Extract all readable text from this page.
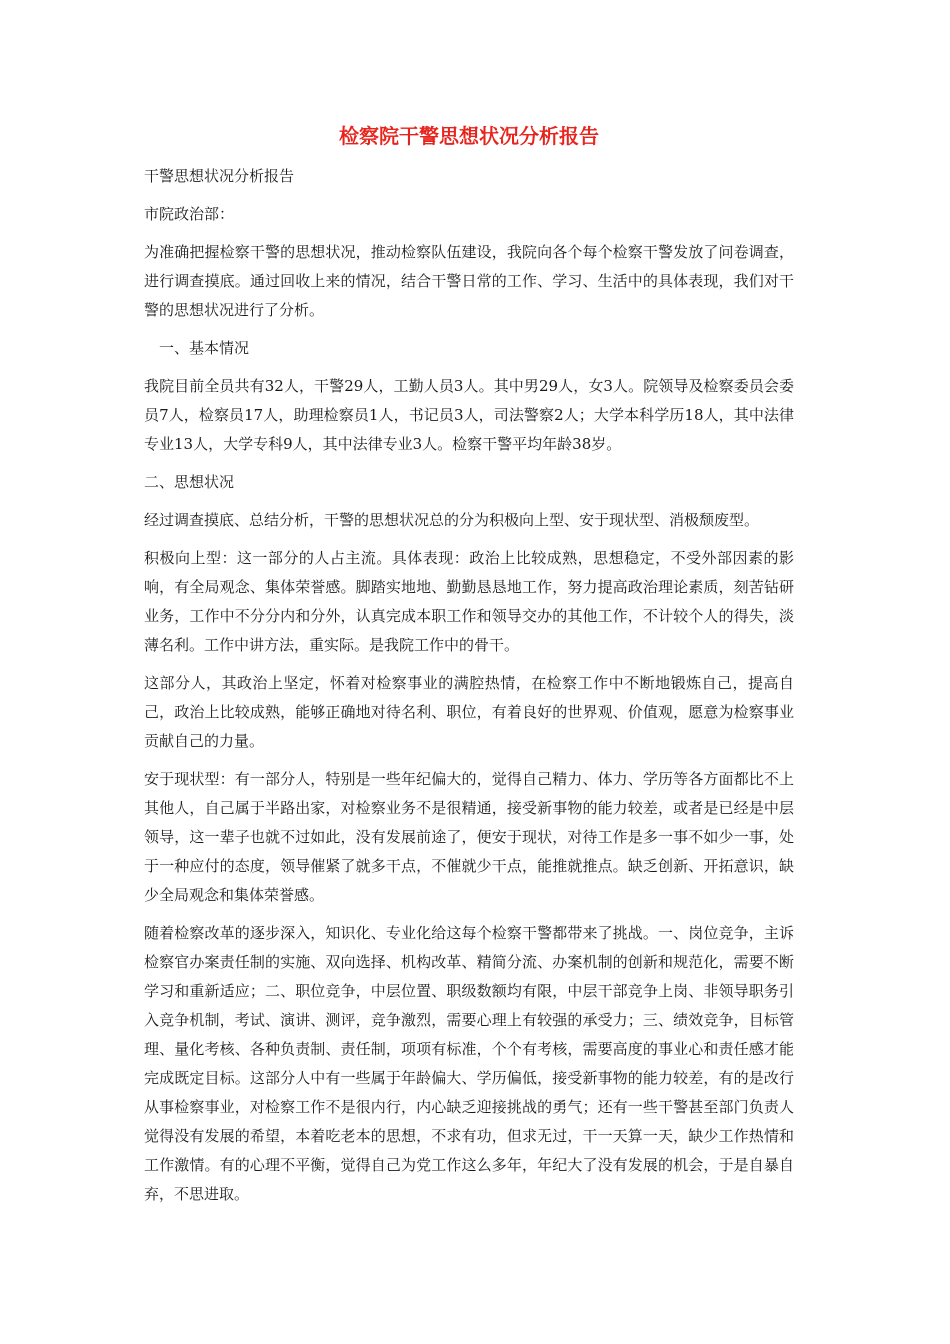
检察院干警思想状况分析报告

干警思想状况分析报告

市院政治部：

为准确把握检察干警的思想状况，推动检察队伍建设，我院向各个每个检察干警发放了问卷调查，进行调查摸底。通过回收上来的情况，结合干警日常的工作、学习、生活中的具体表现，我们对干警的思想状况进行了分析。

一、基本情况

我院目前全员共有32人，干警29人，工勤人员3人。其中男29人，女3人。院领导及检察委员会委员7人，检察员17人，助理检察员1人，书记员3人，司法警察2人；大学本科学历18人，其中法律专业13人，大学专科9人，其中法律专业3人。检察干警平均年龄38岁。

二、思想状况

经过调查摸底、总结分析，干警的思想状况总的分为积极向上型、安于现状型、消极颓废型。

积极向上型：这一部分的人占主流。具体表现：政治上比较成熟，思想稳定，不受外部因素的影响，有全局观念、集体荣誉感。脚踏实地地、勤勤恳恳地工作，努力提高政治理论素质，刻苦钻研业务，工作中不分分内和分外，认真完成本职工作和领导交办的其他工作，不计较个人的得失，淡薄名利。工作中讲方法，重实际。是我院工作中的骨干。

这部分人，其政治上坚定，怀着对检察事业的满腔热情，在检察工作中不断地锻炼自己，提高自己，政治上比较成熟，能够正确地对待名利、职位，有着良好的世界观、价值观，愿意为检察事业贡献自己的力量。

安于现状型：有一部分人，特别是一些年纪偏大的，觉得自己精力、体力、学历等各方面都比不上其他人，自己属于半路出家，对检察业务不是很精通，接受新事物的能力较差，或者是已经是中层领导，这一辈子也就不过如此，没有发展前途了，便安于现状，对待工作是多一事不如少一事，处于一种应付的态度，领导催紧了就多干点，不催就少干点，能推就推点。缺乏创新、开拓意识，缺少全局观念和集体荣誉感。

随着检察改革的逐步深入，知识化、专业化给这每个检察干警都带来了挑战。一、岗位竞争，主诉检察官办案责任制的实施、双向选择、机构改革、精简分流、办案机制的创新和规范化，需要不断学习和重新适应；二、职位竞争，中层位置、职级数额均有限，中层干部竞争上岗、非领导职务引入竞争机制，考试、演讲、测评，竞争激烈，需要心理上有较强的承受力；三、绩效竞争，目标管理、量化考核、各种负责制、责任制，项项有标准，个个有考核，需要高度的事业心和责任感才能完成既定目标。这部分人中有一些属于年龄偏大、学历偏低，接受新事物的能力较差，有的是改行从事检察事业，对检察工作不是很内行，内心缺乏迎接挑战的勇气；还有一些干警甚至部门负责人觉得没有发展的希望，本着吃老本的思想，不求有功，但求无过，干一天算一天，缺少工作热情和工作激情。有的心理不平衡，觉得自己为党工作这么多年，年纪大了没有发展的机会，于是自暴自弃，不思进取。
